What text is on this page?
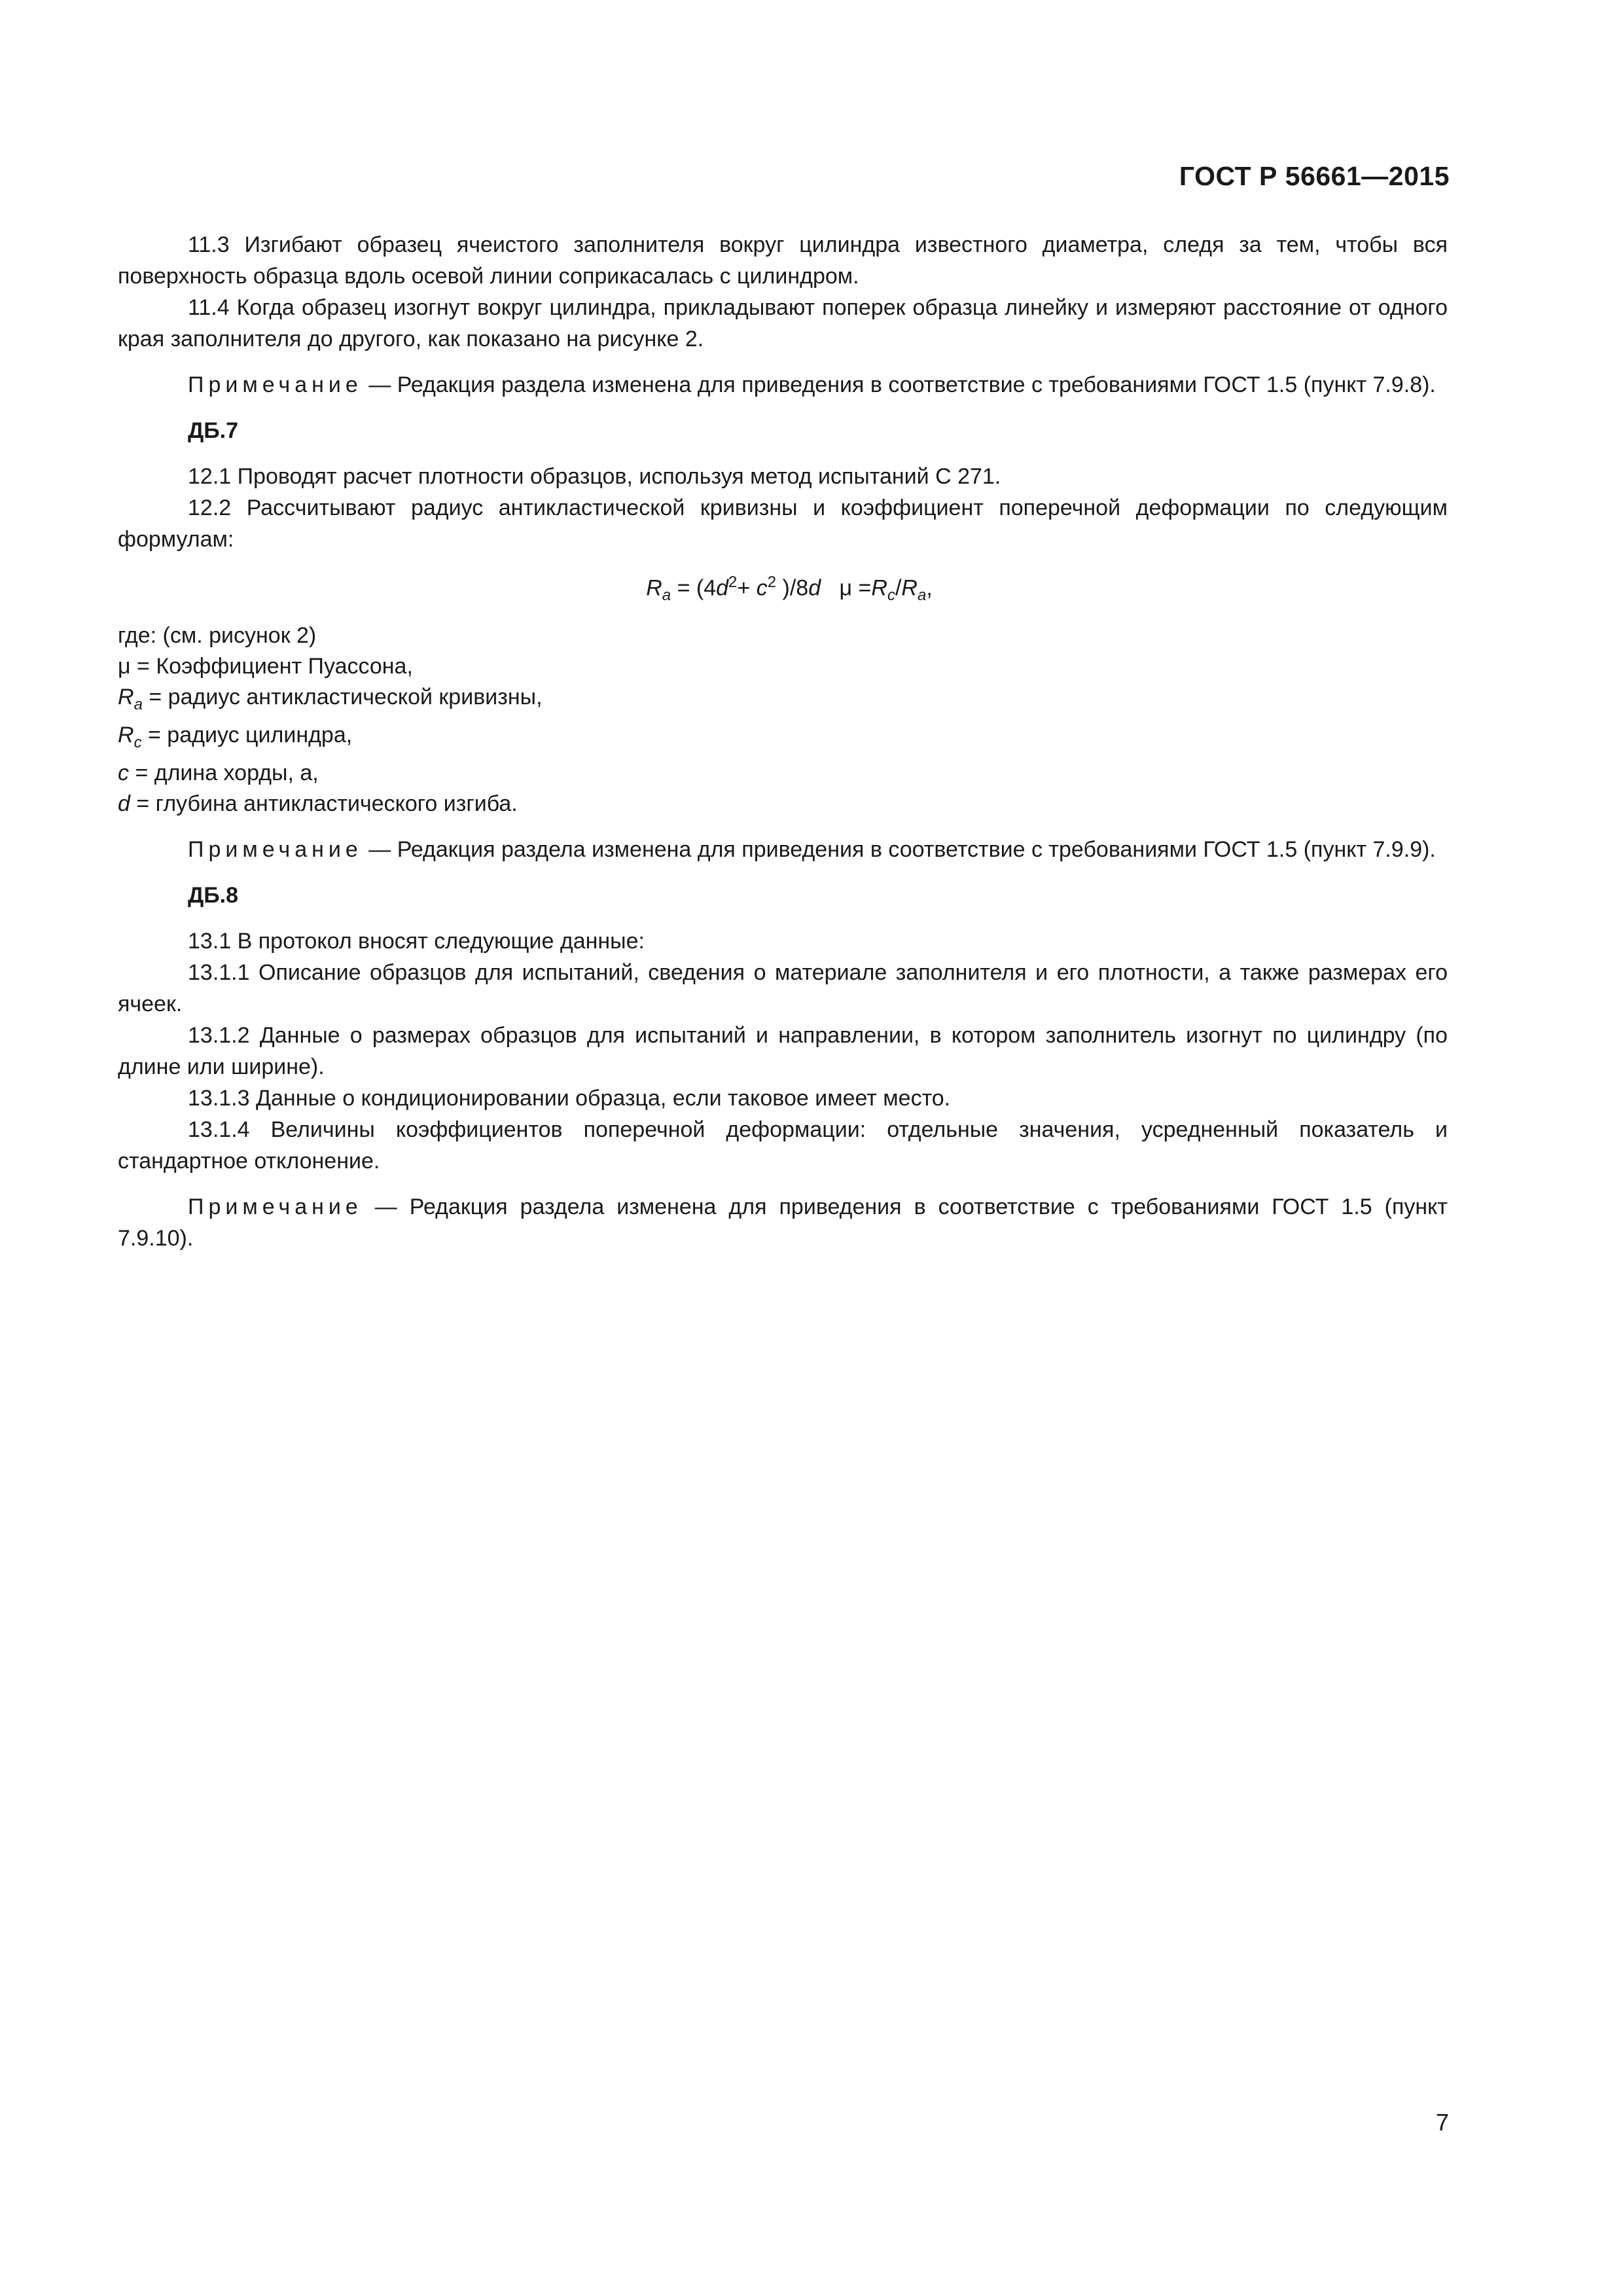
ГОСТ Р 56661—2015

11.3 Изгибают образец ячеистого заполнителя вокруг цилиндра известного диаметра, следя за тем, чтобы вся поверхность образца вдоль осевой линии соприкасалась с цилиндром.

11.4 Когда образец изогнут вокруг цилиндра, прикладывают поперек образца линейку и измеряют расстояние от одного края заполнителя до другого, как показано на рисунке 2.

Примечание — Редакция раздела изменена для приведения в соответствие с требованиями ГОСТ 1.5 (пункт 7.9.8).

ДБ.7

12.1 Проводят расчет плотности образцов, используя метод испытаний С 271.

12.2 Рассчитывают радиус антикластической кривизны и коэффициент поперечной деформации по следующим формулам:

$R_a = (4d^2+ c^2$ )/8d $\mu =R_c/R_a$,

где: (см. рисунок 2)

μ = Коэффициент Пуассона,

$R_a$ = радиус антикластической кривизны,

$R_c$ = радиус цилиндра,

c = длина хорды, а,

d = глубина антикластического изгиба.

Примечание — Редакция раздела изменена для приведения в соответствие с требованиями ГОСТ 1.5 (пункт 7.9.9).

ДБ.8

13.1 В протокол вносят следующие данные:

13.1.1 Описание образцов для испытаний, сведения о материале заполнителя и его плотности, а также размерах его ячеек.

13.1.2 Данные о размерах образцов для испытаний и направлении, в котором заполнитель изогнут по цилиндру (по длине или ширине).

13.1.3 Данные о кондиционировании образца, если таковое имеет место.

13.1.4 Величины коэффициентов поперечной деформации: отдельные значения, усредненный показатель и стандартное отклонение.

Примечание — Редакция раздела изменена для приведения в соответствие с требованиями ГОСТ 1.5 (пункт 7.9.10).

7
